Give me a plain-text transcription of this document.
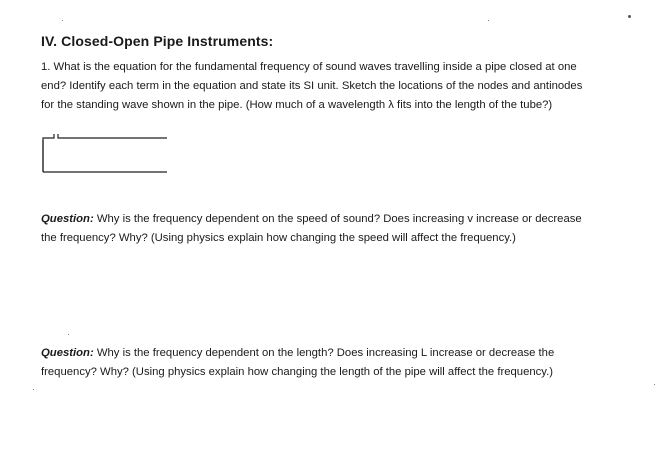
IV. Closed-Open Pipe Instruments:
1. What is the equation for the fundamental frequency of sound waves travelling inside a pipe closed at one
end? Identify each term in the equation and state its SI unit. Sketch the locations of the nodes and antinodes
for the standing wave shown in the pipe. (How much of a wavelength λ fits into the length of the tube?)
Question: Why is the frequency dependent on the speed of sound? Does increasing v increase or decrease
the frequency? Why? (Using physics explain how changing the speed will affect the frequency.)
Question: Why is the frequency dependent on the length? Does increasing L increase or decrease the
frequency? Why? (Using physics explain how changing the length of the pipe will affect the frequency.)
